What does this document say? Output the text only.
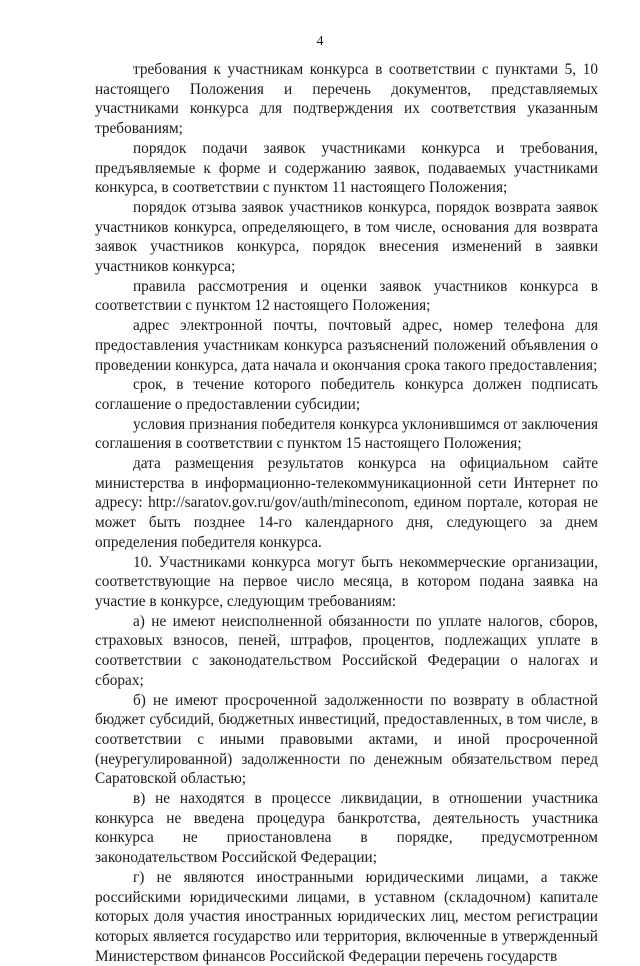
4

требования к участникам конкурса в соответствии с пунктами 5, 10 настоящего Положения и перечень документов, представляемых участниками конкурса для подтверждения их соответствия указанным требованиям;

порядок подачи заявок участниками конкурса и требования, предъявляемые к форме и содержанию заявок, подаваемых участниками конкурса, в соответствии с пунктом 11 настоящего Положения;

порядок отзыва заявок участников конкурса, порядок возврата заявок участников конкурса, определяющего, в том числе, основания для возврата заявок участников конкурса, порядок внесения изменений в заявки участников конкурса;

правила рассмотрения и оценки заявок участников конкурса в соответствии с пунктом 12 настоящего Положения;

адрес электронной почты, почтовый адрес, номер телефона для предоставления участникам конкурса разъяснений положений объявления о проведении конкурса, дата начала и окончания срока такого предоставления;

срок, в течение которого победитель конкурса должен подписать соглашение о предоставлении субсидии;

условия признания победителя конкурса уклонившимся от заключения соглашения в соответствии с пунктом 15 настоящего Положения;

дата размещения результатов конкурса на официальном сайте министерства в информационно-телекоммуникационной сети Интернет по адресу: http://saratov.gov.ru/gov/auth/mineconom, едином портале, которая не может быть позднее 14-го календарного дня, следующего за днем определения победителя конкурса.

10. Участниками конкурса могут быть некоммерческие организации, соответствующие на первое число месяца, в котором подана заявка на участие в конкурсе, следующим требованиям:

а) не имеют неисполненной обязанности по уплате налогов, сборов, страховых взносов, пеней, штрафов, процентов, подлежащих уплате в соответствии с законодательством Российской Федерации о налогах и сборах;

б) не имеют просроченной задолженности по возврату в областной бюджет субсидий, бюджетных инвестиций, предоставленных, в том числе, в соответствии с иными правовыми актами, и иной просроченной (неурегулированной) задолженности по денежным обязательством перед Саратовской областью;

в) не находятся в процессе ликвидации, в отношении участника конкурса не введена процедура банкротства, деятельность участника конкурса не приостановлена в порядке, предусмотренном законодательством Российской Федерации;

г) не являются иностранными юридическими лицами, а также российскими юридическими лицами, в уставном (складочном) капитале которых доля участия иностранных юридических лиц, местом регистрации которых является государство или территория, включенные в утвержденный Министерством финансов Российской Федерации перечень государств
